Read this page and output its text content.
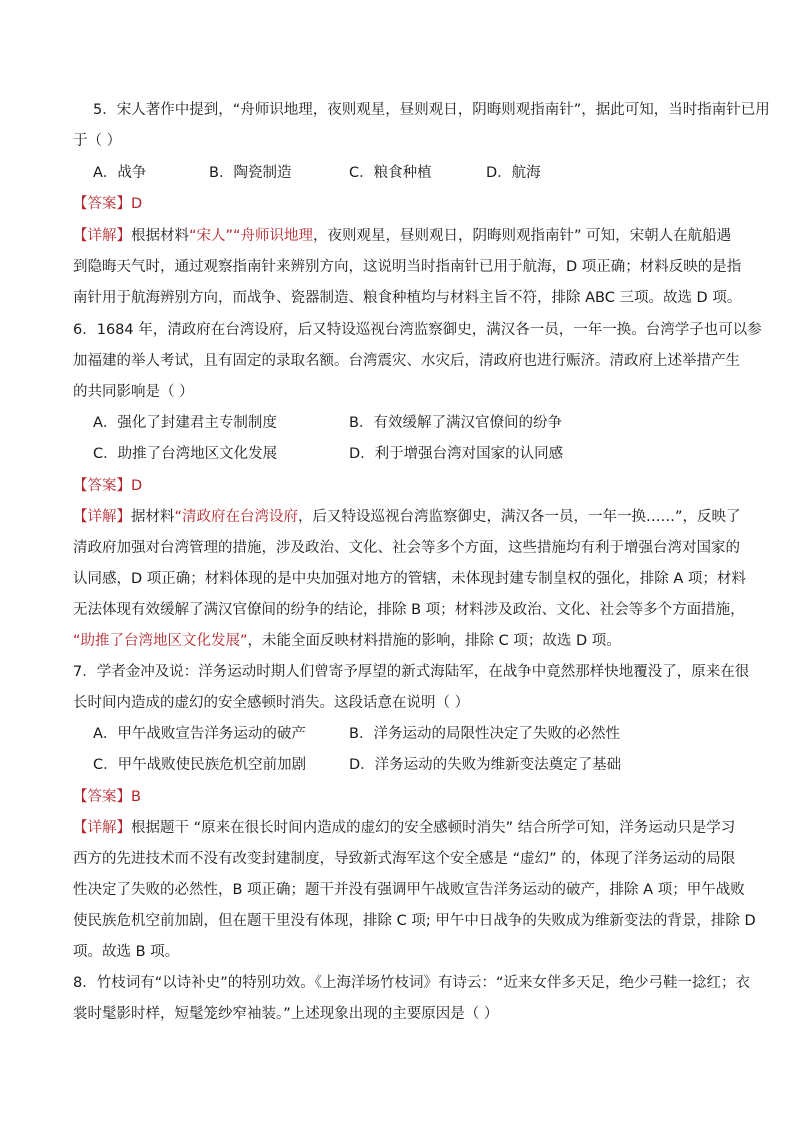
5．宋人著作中提到，“舟师识地理，夜则观星，昼则观日，阴晦则观指南针”，据此可知，当时指南针已用
于（ ）
A．战争	B．陶瓷制造	C．粮食种植	D．航海
【答案】D
【详解】根据材料“宋人”“舟师识地理，夜则观星，昼则观日，阴晦则观指南针” 可知，宋朝人在航船遇
到隐晦天气时，通过观察指南针来辨别方向，这说明当时指南针已用于航海，D 项正确；材料反映的是指
南针用于航海辨别方向，而战争、瓷器制造、粮食种植均与材料主旨不符，排除 ABC 三项。故选 D 项。
6．1684 年，清政府在台湾设府，后又特设巡视台湾监察御史，满汉各一员，一年一换。台湾学子也可以参
加福建的举人考试，且有固定的录取名额。台湾震灾、水灾后，清政府也进行赈济。清政府上述举措产生
的共同影响是（ ）
A．强化了封建君主专制制度	B．有效缓解了满汉官僚间的纷争
C．助推了台湾地区文化发展	D．利于增强台湾对国家的认同感
【答案】D
【详解】据材料“清政府在台湾设府，后又特设巡视台湾监察御史，满汉各一员，一年一换……”，反映了
清政府加强对台湾管理的措施，涉及政治、文化、社会等多个方面，这些措施均有利于增强台湾对国家的
认同感，D 项正确；材料体现的是中央加强对地方的管辖，未体现封建专制皇权的强化，排除 A 项；材料
无法体现有效缓解了满汉官僚间的纷争的结论，排除 B 项；材料涉及政治、文化、社会等多个方面措施，
“助推了台湾地区文化发展”，未能全面反映材料措施的影响，排除 C 项；故选 D 项。
7．学者金冲及说：洋务运动时期人们曾寄予厚望的新式海陆军，在战争中竟然那样快地覆没了，原来在很
长时间内造成的虚幻的安全感顿时消失。这段话意在说明（ ）
A．甲午战败宣告洋务运动的破产	B．洋务运动的局限性决定了失败的必然性
C．甲午战败使民族危机空前加剧	D．洋务运动的失败为维新变法奠定了基础
【答案】B
【详解】根据题干 “原来在很长时间内造成的虚幻的安全感顿时消失” 结合所学可知，洋务运动只是学习
西方的先进技术而不没有改变封建制度，导致新式海军这个安全感是 “虚幻” 的，体现了洋务运动的局限
性决定了失败的必然性，B 项正确；题干并没有强调甲午战败宣告洋务运动的破产，排除 A 项；甲午战败
使民族危机空前加剧，但在题干里没有体现，排除 C 项; 甲午中日战争的失败成为维新变法的背景，排除 D
项。故选 B 项。
8．竹枝词有“以诗补史”的特别功效。《上海洋场竹枝词》有诗云：“近来女伴多天足，绝少弓鞋一捻红；衣
裳时髦影时样，短髦笼纱窄袖装。”上述现象出现的主要原因是（ ）
